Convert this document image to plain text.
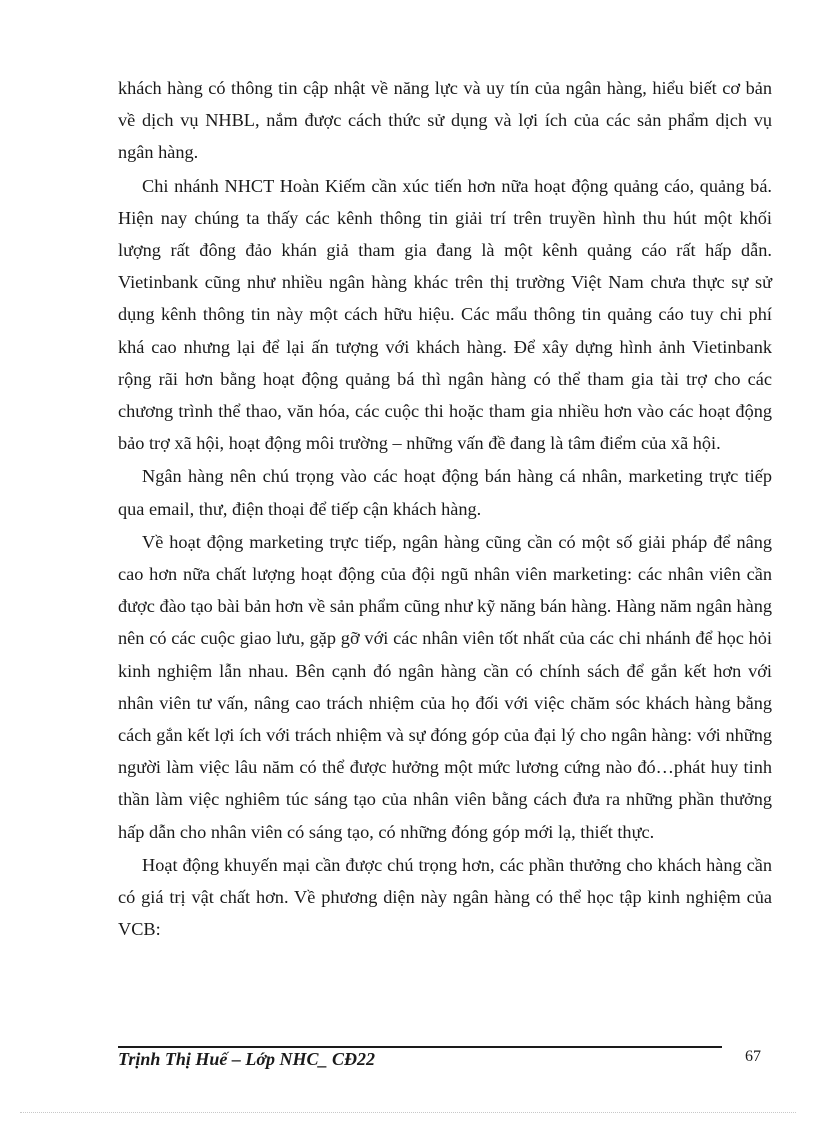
khách hàng có thông tin cập nhật về năng lực và uy tín của ngân hàng, hiểu biết cơ bản về dịch vụ NHBL, nắm được cách thức sử dụng và lợi ích của các sản phẩm dịch vụ ngân hàng.

Chi nhánh NHCT Hoàn Kiếm cần xúc tiến hơn nữa hoạt động quảng cáo, quảng bá. Hiện nay chúng ta thấy các kênh thông tin giải trí trên truyền hình thu hút một khối lượng rất đông đảo khán giả tham gia đang là một kênh quảng cáo rất hấp dẫn. Vietinbank cũng như nhiều ngân hàng khác trên thị trường Việt Nam chưa thực sự sử dụng kênh thông tin này một cách hữu hiệu. Các mẩu thông tin quảng cáo tuy chi phí khá cao nhưng lại để lại ấn tượng với khách hàng. Để xây dựng hình ảnh Vietinbank rộng rãi hơn bằng hoạt động quảng bá thì ngân hàng có thể tham gia tài trợ cho các chương trình thể thao, văn hóa, các cuộc thi hoặc tham gia nhiều hơn vào các hoạt động bảo trợ xã hội, hoạt động môi trường – những vấn đề đang là tâm điểm của xã hội.

Ngân hàng nên chú trọng vào các hoạt động bán hàng cá nhân, marketing trực tiếp qua email, thư, điện thoại để tiếp cận khách hàng.

Về hoạt động marketing trực tiếp, ngân hàng cũng cần có một số giải pháp để nâng cao hơn nữa chất lượng hoạt động của đội ngũ nhân viên marketing: các nhân viên cần được đào tạo bài bản hơn về sản phẩm cũng như kỹ năng bán hàng. Hàng năm ngân hàng nên có các cuộc giao lưu, gặp gỡ với các nhân viên tốt nhất của các chi nhánh để học hỏi kinh nghiệm lẫn nhau. Bên cạnh đó ngân hàng cần có chính sách để gắn kết hơn với nhân viên tư vấn, nâng cao trách nhiệm của họ đối với việc chăm sóc khách hàng bằng cách gắn kết lợi ích với trách nhiệm và sự đóng góp của đại lý cho ngân hàng: với những người làm việc lâu năm có thể được hưởng một mức lương cứng nào đó…phát huy tinh thần làm việc nghiêm túc sáng tạo của nhân viên bằng cách đưa ra những phần thưởng hấp dẫn cho nhân viên có sáng tạo, có những đóng góp mới lạ, thiết thực.

Hoạt động khuyến mại cần được chú trọng hơn, các phần thưởng cho khách hàng cần có giá trị vật chất hơn. Về phương diện này ngân hàng có thể học tập kinh nghiệm của VCB:

Trịnh Thị Huế – Lớp NHC_ CĐ22	67
